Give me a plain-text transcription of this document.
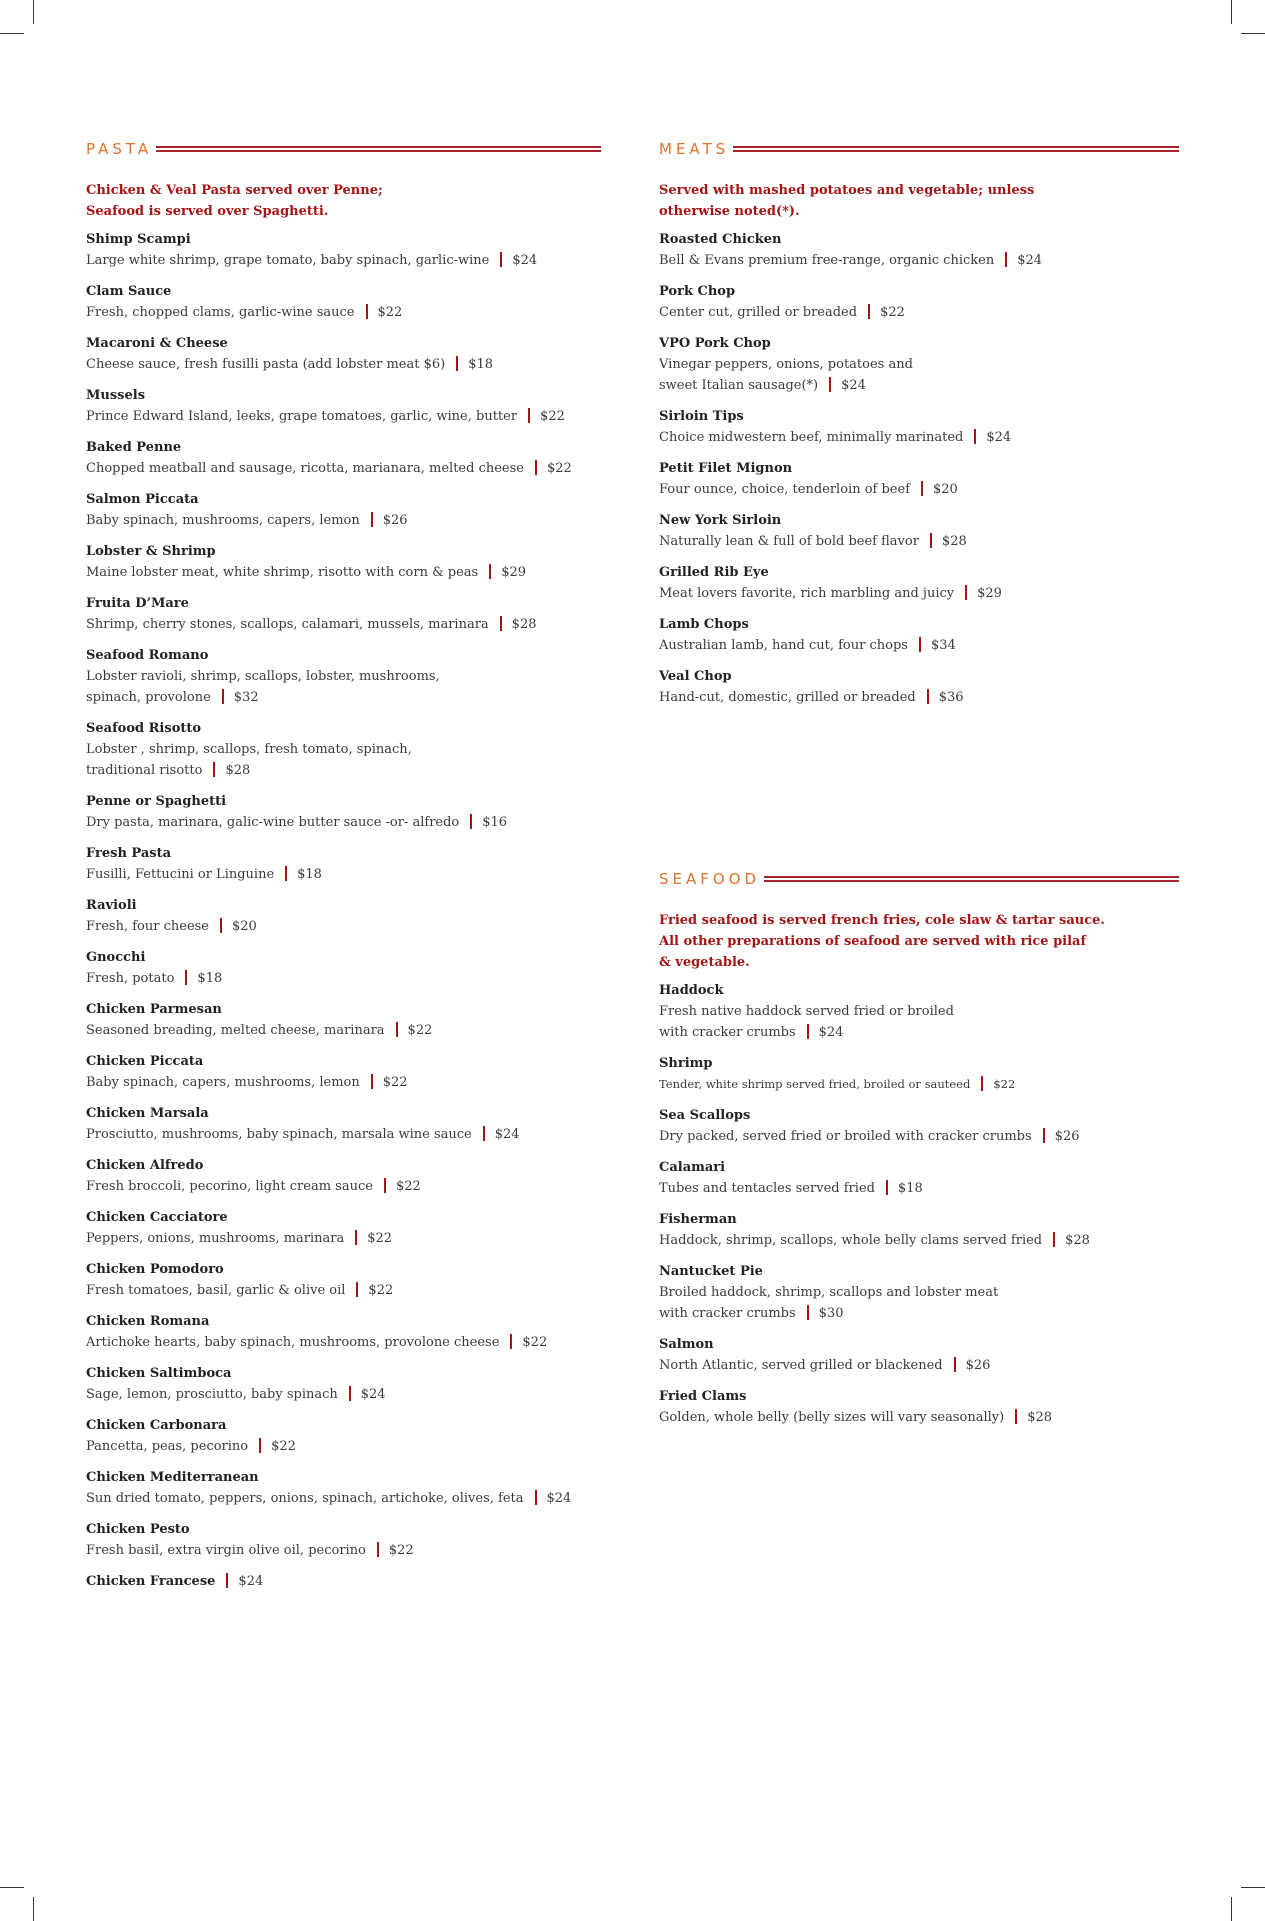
PASTA
Chicken & Veal Pasta served over Penne;
Seafood is served over Spaghetti.
Shimp Scampi
Large white shrimp, grape tomato, baby spinach, garlic-wine $24
Clam Sauce
Fresh, chopped clams, garlic-wine sauce $22
Macaroni & Cheese
Cheese sauce, fresh fusilli pasta (add lobster meat $6) $18
Mussels
Prince Edward Island, leeks, grape tomatoes, garlic, wine, butter $22
Baked Penne
Chopped meatball and sausage, ricotta, marianara, melted cheese $22
Salmon Piccata
Baby spinach, mushrooms, capers, lemon $26
Lobster & Shrimp
Maine lobster meat, white shrimp, risotto with corn & peas $29
Fruita D’Mare
Shrimp, cherry stones, scallops, calamari, mussels, marinara $28
Seafood Romano
Lobster ravioli, shrimp, scallops, lobster, mushrooms,
spinach, provolone $32
Seafood Risotto
Lobster , shrimp, scallops, fresh tomato, spinach,
traditional risotto $28
Penne or Spaghetti
Dry pasta, marinara, galic-wine butter sauce -or- alfredo $16
Fresh Pasta
Fusilli, Fettucini or Linguine $18
Ravioli
Fresh, four cheese $20
Gnocchi
Fresh, potato $18
Chicken Parmesan
Seasoned breading, melted cheese, marinara $22
Chicken Piccata
Baby spinach, capers, mushrooms, lemon $22
Chicken Marsala
Prosciutto, mushrooms, baby spinach, marsala wine sauce $24
Chicken Alfredo
Fresh broccoli, pecorino, light cream sauce $22
Chicken Cacciatore
Peppers, onions, mushrooms, marinara $22
Chicken Pomodoro
Fresh tomatoes, basil, garlic & olive oil $22
Chicken Romana
Artichoke hearts, baby spinach, mushrooms, provolone cheese $22
Chicken Saltimboca
Sage, lemon, prosciutto, baby spinach $24
Chicken Carbonara
Pancetta, peas, pecorino $22
Chicken Mediterranean
Sun dried tomato, peppers, onions, spinach, artichoke, olives, feta $24
Chicken Pesto
Fresh basil, extra virgin olive oil, pecorino $22
Chicken Francese $24
MEATS
Served with mashed potatoes and vegetable; unless
otherwise noted(*).
Roasted Chicken
Bell & Evans premium free-range, organic chicken $24
Pork Chop
Center cut, grilled or breaded $22
VPO Pork Chop
Vinegar peppers, onions, potatoes and
sweet Italian sausage(*) $24
Sirloin Tips
Choice midwestern beef, minimally marinated $24
Petit Filet Mignon
Four ounce, choice, tenderloin of beef $20
New York Sirloin
Naturally lean & full of bold beef flavor $28
Grilled Rib Eye
Meat lovers favorite, rich marbling and juicy $29
Lamb Chops
Australian lamb, hand cut, four chops $34
Veal Chop
Hand-cut, domestic, grilled or breaded $36
SEAFOOD
Fried seafood is served french fries, cole slaw & tartar sauce.
All other preparations of seafood are served with rice pilaf
& vegetable.
Haddock
Fresh native haddock served fried or broiled
with cracker crumbs $24
Shrimp
Tender, white shrimp served fried, broiled or sauteed $22
Sea Scallops
Dry packed, served fried or broiled with cracker crumbs $26
Calamari
Tubes and tentacles served fried $18
Fisherman
Haddock, shrimp, scallops, whole belly clams served fried $28
Nantucket Pie
Broiled haddock, shrimp, scallops and lobster meat
with cracker crumbs $30
Salmon
North Atlantic, served grilled or blackened $26
Fried Clams
Golden, whole belly (belly sizes will vary seasonally) $28
